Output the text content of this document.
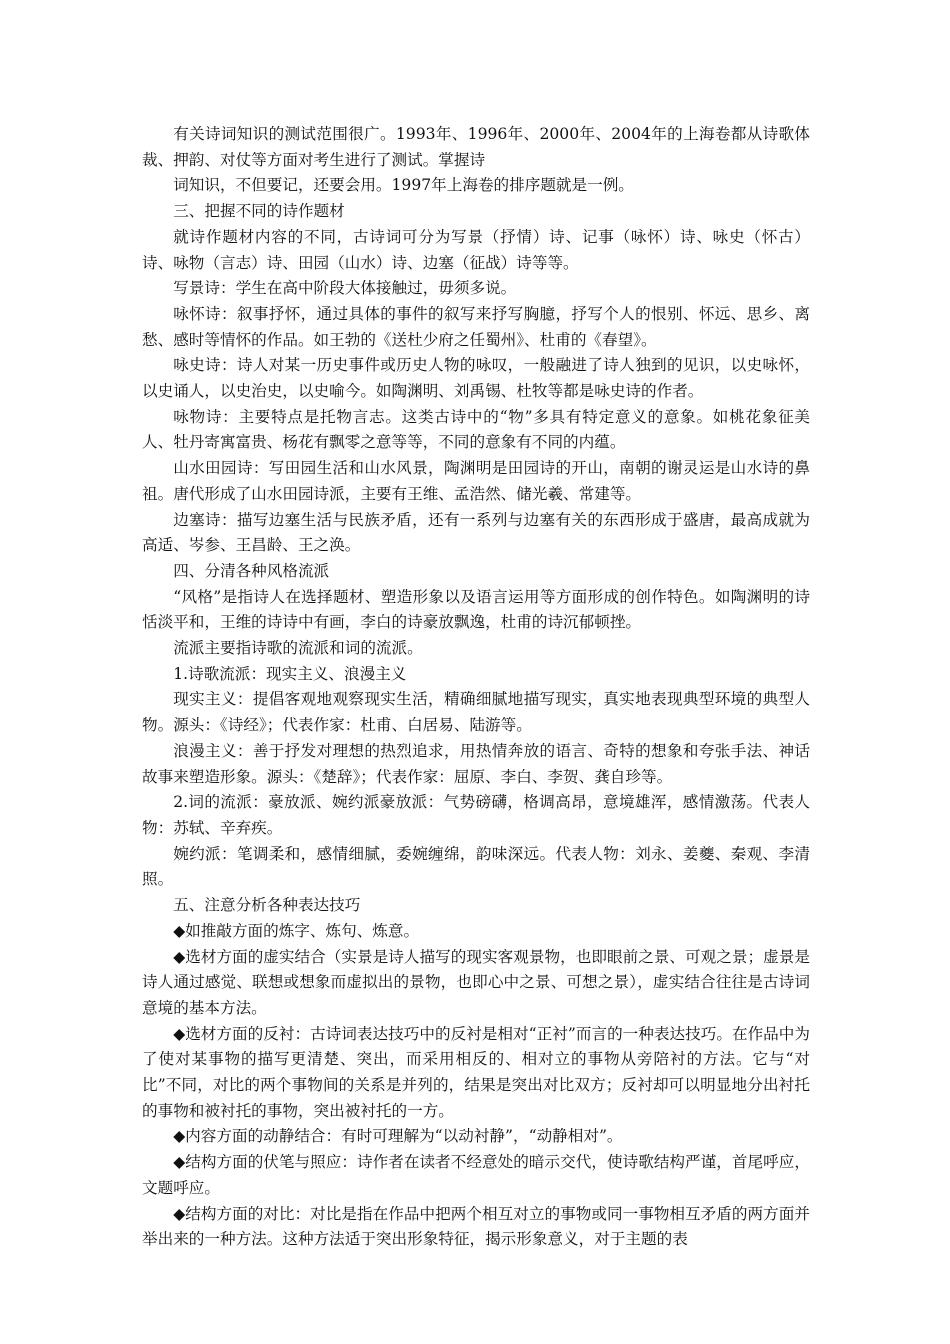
有关诗词知识的测试范围很广。1993年、1996年、2000年、2004年的上海卷都从诗歌体裁、押韵、对仗等方面对考生进行了测试。掌握诗

词知识，不但要记，还要会用。1997年上海卷的排序题就是一例。

三、把握不同的诗作题材

就诗作题材内容的不同，古诗词可分为写景（抒情）诗、记事（咏怀）诗、咏史（怀古）诗、咏物（言志）诗、田园（山水）诗、边塞（征战）诗等等。

写景诗：学生在高中阶段大体接触过，毋须多说。

咏怀诗：叙事抒怀，通过具体的事件的叙写来抒写胸臆，抒写个人的恨别、怀远、思乡、离愁、感时等情怀的作品。如王勃的《送杜少府之任蜀州》、杜甫的《春望》。

咏史诗：诗人对某一历史事件或历史人物的咏叹，一般融进了诗人独到的见识，以史咏怀，以史诵人，以史治史，以史喻今。如陶渊明、刘禹锡、杜牧等都是咏史诗的作者。

咏物诗：主要特点是托物言志。这类古诗中的“物”多具有特定意义的意象。如桃花象征美人、牡丹寄寓富贵、杨花有飘零之意等等，不同的意象有不同的内蕴。

山水田园诗：写田园生活和山水风景，陶渊明是田园诗的开山，南朝的谢灵运是山水诗的鼻祖。唐代形成了山水田园诗派，主要有王维、孟浩然、储光羲、常建等。

边塞诗：描写边塞生活与民族矛盾，还有一系列与边塞有关的东西形成于盛唐，最高成就为高适、岑参、王昌龄、王之涣。

四、分清各种风格流派

“风格”是指诗人在选择题材、塑造形象以及语言运用等方面形成的创作特色。如陶渊明的诗恬淡平和，王维的诗诗中有画，李白的诗豪放飘逸，杜甫的诗沉郁顿挫。

流派主要指诗歌的流派和词的流派。

1.诗歌流派：现实主义、浪漫主义

现实主义：提倡客观地观察现实生活，精确细腻地描写现实，真实地表现典型环境的典型人物。源头：《诗经》；代表作家：杜甫、白居易、陆游等。

浪漫主义：善于抒发对理想的热烈追求，用热情奔放的语言、奇特的想象和夸张手法、神话故事来塑造形象。源头：《楚辞》；代表作家：屈原、李白、李贺、龚自珍等。

2.词的流派：豪放派、婉约派豪放派：气势磅礴，格调高昂，意境雄浑，感情激荡。代表人物：苏轼、辛弃疾。

婉约派：笔调柔和，感情细腻，委婉缠绵，韵味深远。代表人物：刘永、姜夔、秦观、李清照。

五、注意分析各种表达技巧

◆如推敲方面的炼字、炼句、炼意。

◆选材方面的虚实结合（实景是诗人描写的现实客观景物，也即眼前之景、可观之景；虚景是诗人通过感觉、联想或想象而虚拟出的景物，也即心中之景、可想之景），虚实结合往往是古诗词意境的基本方法。

◆选材方面的反衬：古诗词表达技巧中的反衬是相对“正衬”而言的一种表达技巧。在作品中为了使对某事物的描写更清楚、突出，而采用相反的、相对立的事物从旁陪衬的方法。它与“对比”不同，对比的两个事物间的关系是并列的，结果是突出对比双方；反衬却可以明显地分出衬托的事物和被衬托的事物，突出被衬托的一方。

◆内容方面的动静结合：有时可理解为“以动衬静”，“动静相对”。

◆结构方面的伏笔与照应：诗作者在读者不经意处的暗示交代，使诗歌结构严谨，首尾呼应，文题呼应。

◆结构方面的对比：对比是指在作品中把两个相互对立的事物或同一事物相互矛盾的两方面并举出来的一种方法。这种方法适于突出形象特征，揭示形象意义，对于主题的表
